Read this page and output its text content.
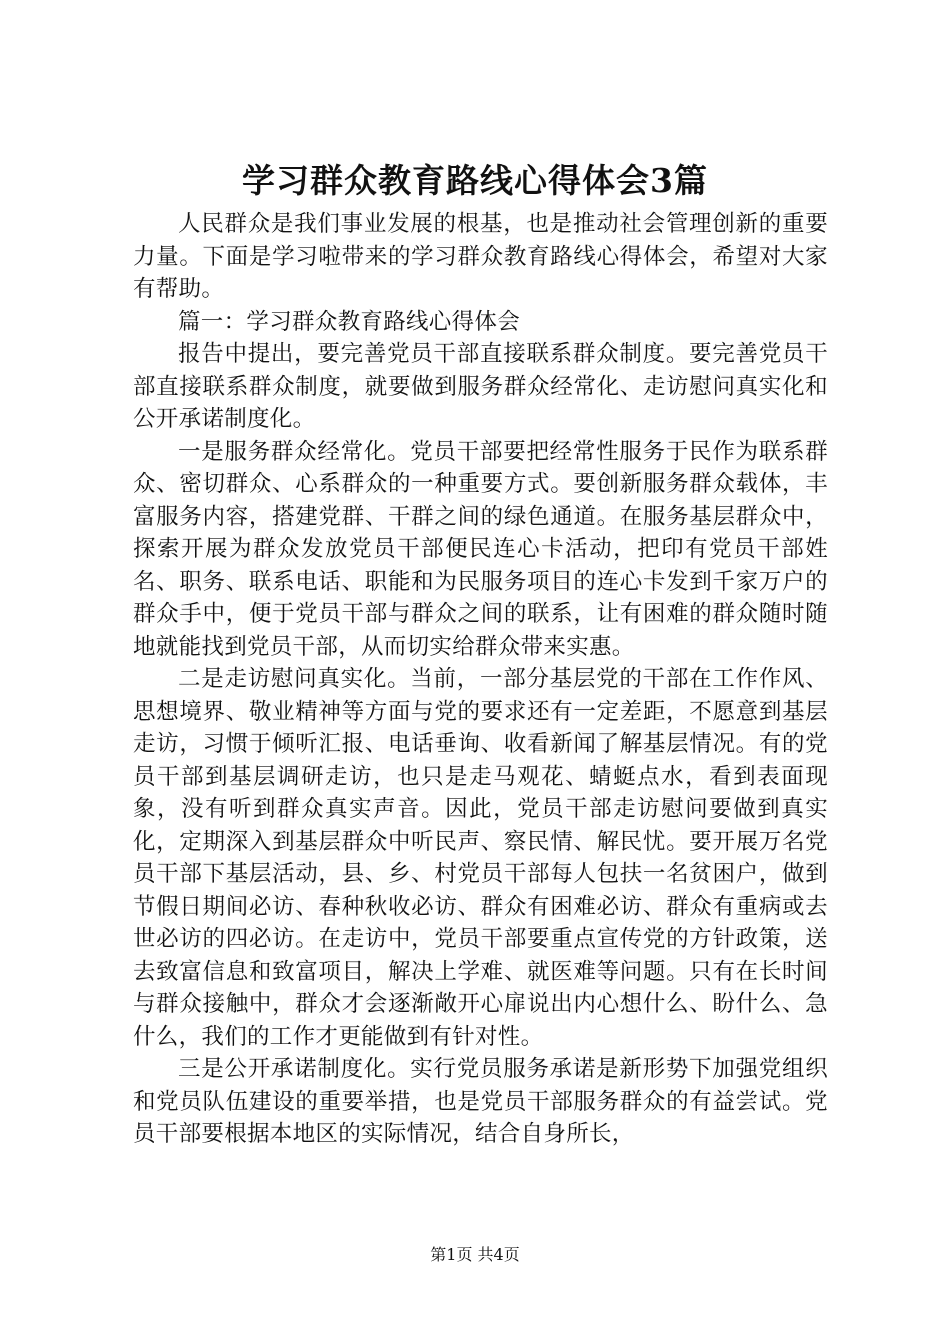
学习群众教育路线心得体会3篇

人民群众是我们事业发展的根基，也是推动社会管理创新的重要力量。下面是学习啦带来的学习群众教育路线心得体会，希望对大家有帮助。

篇一：学习群众教育路线心得体会

报告中提出，要完善党员干部直接联系群众制度。要完善党员干部直接联系群众制度，就要做到服务群众经常化、走访慰问真实化和公开承诺制度化。

一是服务群众经常化。党员干部要把经常性服务于民作为联系群众、密切群众、心系群众的一种重要方式。要创新服务群众载体，丰富服务内容，搭建党群、干群之间的绿色通道。在服务基层群众中，探索开展为群众发放党员干部便民连心卡活动，把印有党员干部姓名、职务、联系电话、职能和为民服务项目的连心卡发到千家万户的群众手中，便于党员干部与群众之间的联系，让有困难的群众随时随地就能找到党员干部，从而切实给群众带来实惠。

二是走访慰问真实化。当前，一部分基层党的干部在工作作风、思想境界、敬业精神等方面与党的要求还有一定差距，不愿意到基层走访，习惯于倾听汇报、电话垂询、收看新闻了解基层情况。有的党员干部到基层调研走访，也只是走马观花、蜻蜓点水，看到表面现象，没有听到群众真实声音。因此，党员干部走访慰问要做到真实化，定期深入到基层群众中听民声、察民情、解民忧。要开展万名党员干部下基层活动，县、乡、村党员干部每人包扶一名贫困户，做到节假日期间必访、春种秋收必访、群众有困难必访、群众有重病或去世必访的四必访。在走访中，党员干部要重点宣传党的方针政策，送去致富信息和致富项目，解决上学难、就医难等问题。只有在长时间与群众接触中，群众才会逐渐敞开心扉说出内心想什么、盼什么、急什么，我们的工作才更能做到有针对性。

三是公开承诺制度化。实行党员服务承诺是新形势下加强党组织和党员队伍建设的重要举措，也是党员干部服务群众的有益尝试。党员干部要根据本地区的实际情况，结合自身所长，

第1页 共4页
